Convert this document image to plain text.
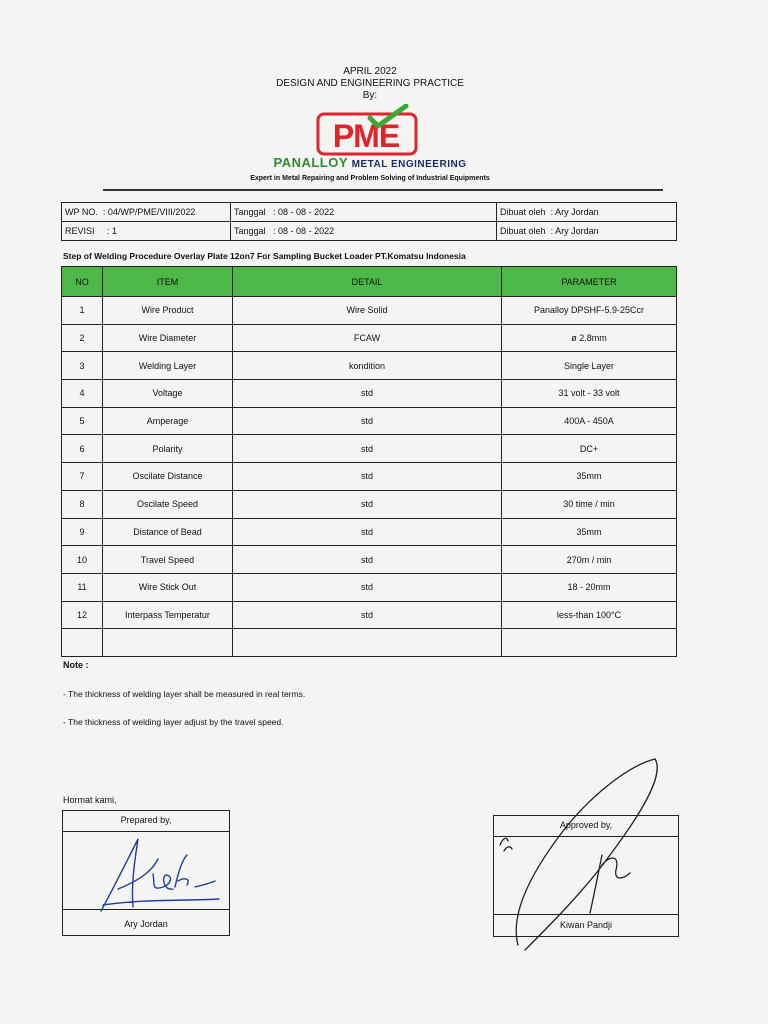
APRIL 2022
DESIGN AND ENGINEERING PRACTICE
By:
PME
PANALLOY METAL ENGINEERING
Expert in Metal Repairing and Problem Solving of Industrial Equipments
WP NO. : 04/WP/PME/VIII/2022	Tanggal : 08 - 08 - 2022	Dibuat oleh : Ary Jordan
REVISI : 1	Tanggal : 08 - 08 - 2022	Dibuat oleh : Ary Jordan
Step of Welding Procedure Overlay Plate 12on7 For Sampling Bucket Loader PT.Komatsu Indonesia
NO	ITEM	DETAIL	PARAMETER
1	Wire Product	Wire Solid	Panalloy DPSHF-5.9-25Ccr
2	Wire Diameter	FCAW	ø 2.8mm
3	Welding Layer	kondition	Single Layer
4	Voltage	std	31 volt - 33 volt
5	Amperage	std	400A - 450A
6	Polarity	std	DC+
7	Oscilate Distance	std	35mm
8	Oscilate Speed	std	30 time / min
9	Distance of Bead	std	35mm
10	Travel Speed	std	270m / min
11	Wire Stick Out	std	18 - 20mm
12	Interpass Temperatur	std	less-than 100°C

Note :
- The thickness of welding layer shall be measured in real terms.
- The thickness of welding layer adjust by the travel speed.
Hormat kami,
Prepared by,
Ary Jordan
Approved by,
Kiwan Pandji
